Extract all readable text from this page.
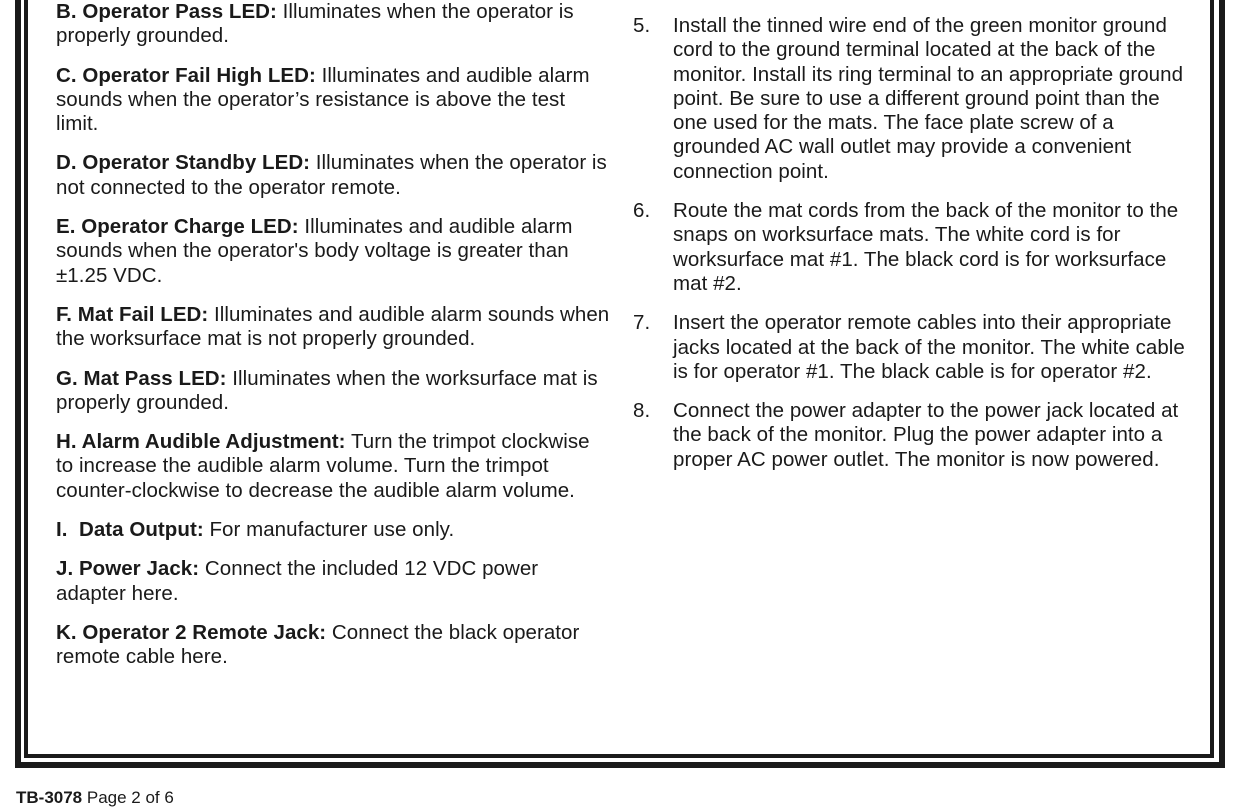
B. Operator Pass LED: Illuminates when the operator is properly grounded.
C. Operator Fail High LED: Illuminates and audible alarm sounds when the operator’s resistance is above the test limit.
D. Operator Standby LED: Illuminates when the operator is not connected to the operator remote.
E. Operator Charge LED: Illuminates and audible alarm sounds when the operator's body voltage is greater than ±1.25 VDC.
F. Mat Fail LED: Illuminates and audible alarm sounds when the worksurface mat is not properly grounded.
G. Mat Pass LED: Illuminates when the worksurface mat is properly grounded.
H. Alarm Audible Adjustment: Turn the trimpot clockwise to increase the audible alarm volume. Turn the trimpot counter-clockwise to decrease the audible alarm volume.
I.  Data Output: For manufacturer use only.
J. Power Jack: Connect the included 12 VDC power adapter here.
K. Operator 2 Remote Jack: Connect the black operator remote cable here.
5.	Install the tinned wire end of the green monitor ground cord to the ground terminal located at the back of the monitor. Install its ring terminal to an appropriate ground point. Be sure to use a different ground point than the one used for the mats. The face plate screw of a grounded AC wall outlet may provide a convenient connection point.
6.	Route the mat cords from the back of the monitor to the snaps on worksurface mats. The white cord is for worksurface mat #1. The black cord is for worksurface mat #2.
7.	Insert the operator remote cables into their appropriate jacks located at the back of the monitor. The white cable  is for operator #1. The black cable is for operator #2.
8.	Connect the power adapter to the power jack located at the back of the monitor. Plug the power adapter into a proper AC power outlet. The monitor is now powered.
TB-3078 Page 2 of 6
